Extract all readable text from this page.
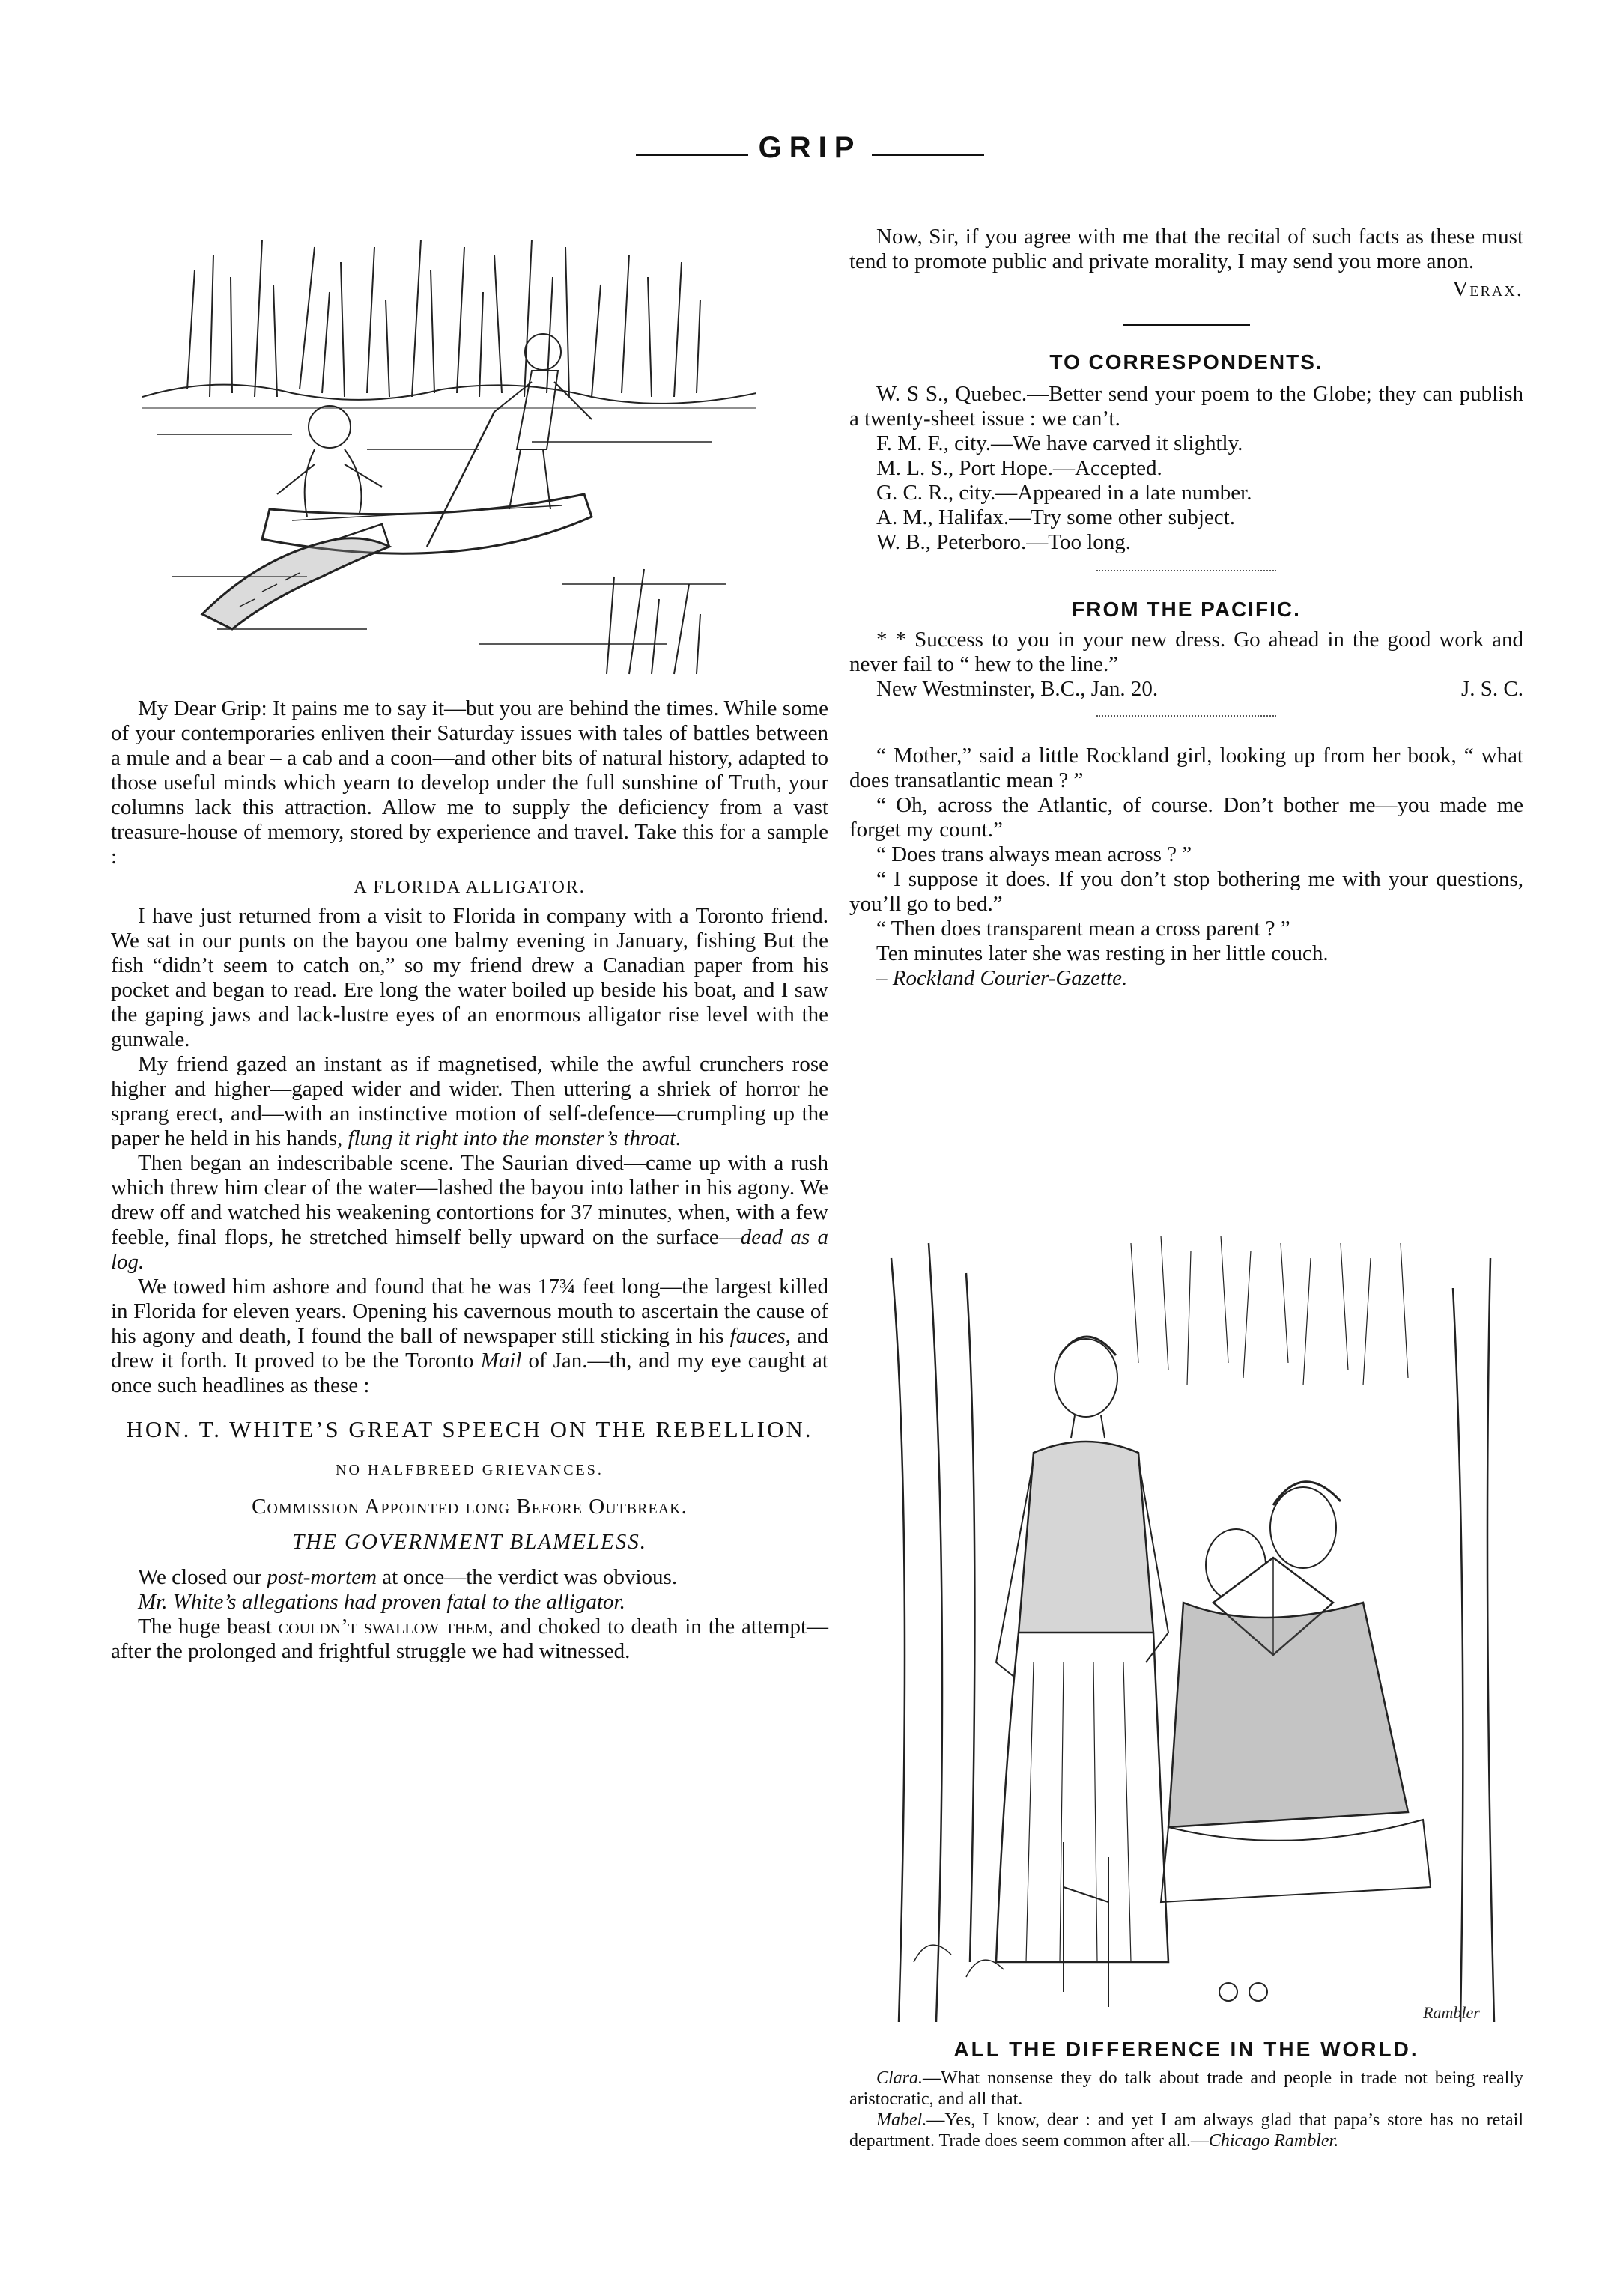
GRIP

My Dear Grip: It pains me to say it—but you are behind the times. While some of your contemporaries enliven their Saturday issues with tales of battles between a mule and a bear – a cab and a coon—and other bits of natural history, adapted to those useful minds which yearn to develop under the full sunshine of Truth, your columns lack this attraction. Allow me to supply the deficiency from a vast treasure-house of memory, stored by experience and travel. Take this for a sample :

A FLORIDA ALLIGATOR.

I have just returned from a visit to Florida in company with a Toronto friend. We sat in our punts on the bayou one balmy evening in January, fishing But the fish “didn’t seem to catch on,” so my friend drew a Canadian paper from his pocket and began to read. Ere long the water boiled up beside his boat, and I saw the gaping jaws and lack-lustre eyes of an enormous alligator rise level with the gunwale.

My friend gazed an instant as if magnetised, while the awful crunchers rose higher and higher—gaped wider and wider. Then uttering a shriek of horror he sprang erect, and—with an instinctive motion of self-defence—crumpling up the paper he held in his hands, flung it right into the monster’s throat.

Then began an indescribable scene. The Saurian dived—came up with a rush which threw him clear of the water—lashed the bayou into lather in his agony. We drew off and watched his weakening contortions for 37 minutes, when, with a few feeble, final flops, he stretched himself belly upward on the surface—dead as a log.

We towed him ashore and found that he was 17¾ feet long—the largest killed in Florida for eleven years. Opening his cavernous mouth to ascertain the cause of his agony and death, I found the ball of newspaper still sticking in his fauces, and drew it forth. It proved to be the Toronto Mail of Jan.—th, and my eye caught at once such headlines as these :

HON. T. WHITE’S GREAT SPEECH ON THE REBELLION.

NO HALFBREED GRIEVANCES.

Commission Appointed long Before Outbreak.

THE GOVERNMENT BLAMELESS.

We closed our post-mortem at once—the verdict was obvious.

Mr. White’s allegations had proven fatal to the alligator.

The huge beast couldn’t swallow them, and choked to death in the attempt—after the prolonged and frightful struggle we had witnessed.

Now, Sir, if you agree with me that the recital of such facts as these must tend to promote public and private morality, I may send you more anon.

Verax.

TO CORRESPONDENTS.

W. S S., Quebec.—Better send your poem to the Globe; they can publish a twenty-sheet issue : we can’t.

F. M. F., city.—We have carved it slightly.

M. L. S., Port Hope.—Accepted.

G. C. R., city.—Appeared in a late number.

A. M., Halifax.—Try some other subject.

W. B., Peterboro.—Too long.

FROM THE PACIFIC.

* * Success to you in your new dress. Go ahead in the good work and never fail to “ hew to the line.”

New Westminster, B.C., Jan. 20.	J. S. C.

“ Mother,” said a little Rockland girl, looking up from her book, “ what does transatlantic mean ? ”

“ Oh, across the Atlantic, of course. Don’t bother me—you made me forget my count.”

“ Does trans always mean across ? ”

“ I suppose it does. If you don’t stop bothering me with your questions, you’ll go to bed.”

“ Then does transparent mean a cross parent ? ”

Ten minutes later she was resting in her little couch.

– Rockland Courier-Gazette.

Rambler

ALL THE DIFFERENCE IN THE WORLD.

Clara.—What nonsense they do talk about trade and people in trade not being really aristocratic, and all that.

Mabel.—Yes, I know, dear : and yet I am always glad that papa’s store has no retail department. Trade does seem common after all.—Chicago Rambler.
